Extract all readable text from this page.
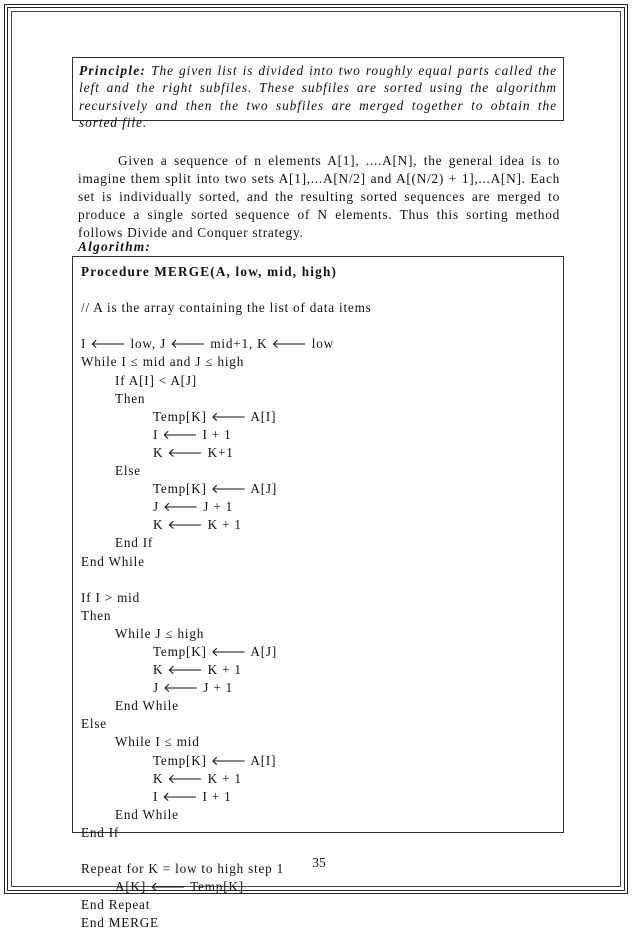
Principle: The given list is divided into two roughly equal parts called the left and the right subfiles. These subfiles are sorted using the algorithm recursively and then the two subfiles are merged together to obtain the sorted file.
Given a sequence of n elements A[1], ....A[N], the general idea is to imagine them split into two sets A[1],...A[N/2] and A[(N/2) + 1],...A[N]. Each set is individually sorted, and the resulting sorted sequences are merged to produce a single sorted sequence of N elements. Thus this sorting method follows Divide and Conquer strategy.
Algorithm:
Procedure MERGE(A, low, mid, high)
// A is the array containing the list of data items
I 🡐 low, J 🡐 mid+1, K 🡐 low
While I ≤ mid and J ≤ high
If A[I] < A[J]
Then
Temp[K] 🡐 A[I]
I 🡐 I + 1
K 🡐 K+1
Else
Temp[K] 🡐 A[J]
J 🡐 J + 1
K 🡐 K + 1
End If
End While
If I > mid
Then
While J ≤ high
Temp[K] 🡐 A[J]
K 🡐 K + 1
J 🡐 J + 1
End While
Else
While I ≤ mid
Temp[K] 🡐 A[I]
K 🡐 K + 1
I 🡐 I + 1
End While
End If
Repeat for K = low to high step 1
A[K] 🡐 Temp[K]
End Repeat
End MERGE
35
